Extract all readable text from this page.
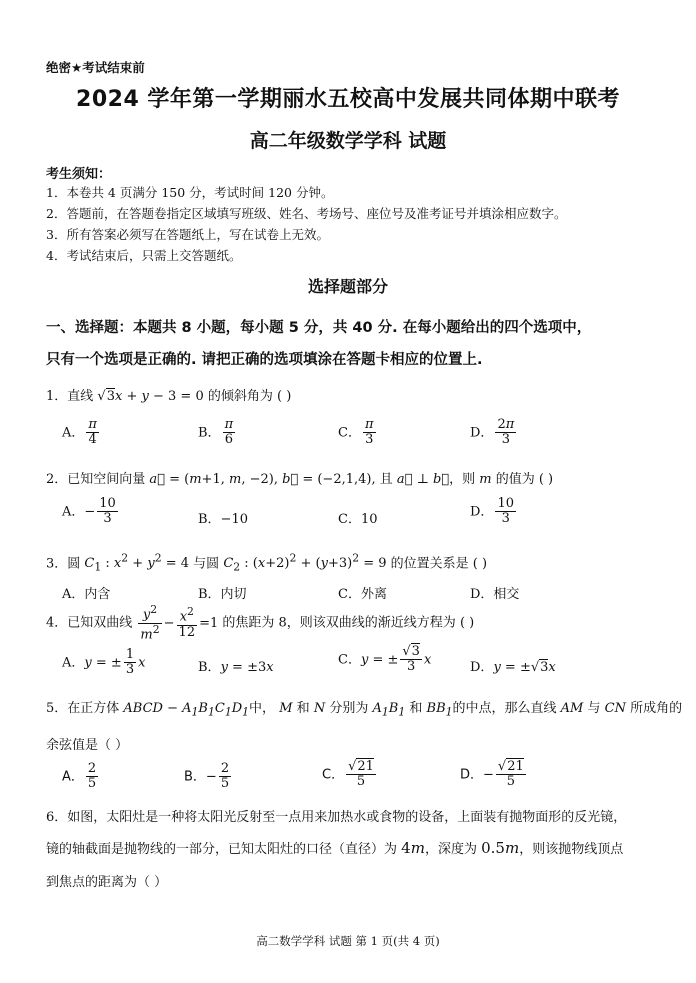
绝密★考试结束前
2024 学年第一学期丽水五校高中发展共同体期中联考
高二年级数学学科 试题
考生须知：
1．本卷共 4 页满分 150 分，考试时间 120 分钟。
2．答题前，在答题卷指定区域填写班级、姓名、考场号、座位号及准考证号并填涂相应数字。
3．所有答案必须写在答题纸上，写在试卷上无效。
4．考试结束后，只需上交答题纸。
选择题部分
一、选择题：本题共 8 小题，每小题 5 分，共 40 分. 在每小题给出的四个选项中，
只有一个选项是正确的. 请把正确的选项填涂在答题卡相应的位置上.
1．直线 √3x + y − 3 = 0 的倾斜角为 ( )
A． $\frac{\pi}{4}$	B． $\frac{\pi}{6}$	C． $\frac{\pi}{3}$	D． $\frac{2\pi}{3}$
2．已知空间向量 a⃗ = (m+1, m, −2), b⃗ = (−2,1,4), 且 a⃗ ⊥ b⃗，则 m 的值为 ( )
A．− $\frac{10}{3}$	B．−10	C．10
D． $\frac{10}{3}$
3．圆 $C_1$ : $x^2 + y^2 = 4$ 与圆 $C_2$ : $(x+2)^2 + (y+3)^2 = 9$ 的位置关系是 ( )
A．内含	B．内切	C．外离	D．相交
4．已知双曲线 $\frac{y^2}{m^2} - \frac{x^2}{12} =1$ 的焦距为 8，则该双曲线的渐近线方程为 ( )
A．y = ± $\frac{1}{3}$ x	B．y = ±3x
C．y = ± $\frac{√3}{3}$ x
D．y = ±√3x
5．在正方体 ABCD − $A_1B_1C_1D_1$中， M 和 N 分别为 $A_1B_1$ 和 $BB_1$的中点，那么直线 AM 与 CN 所成角的
余弦值是（ ）
A． $\frac{2}{5}$	B．− $\frac{2}{5}$	C． $\frac{√21}{5}$	D．− $\frac{√21}{5}$
6．如图，太阳灶是一种将太阳光反射至一点用来加热水或食物的设备，上面装有抛物面形的反光镜，
镜的轴截面是抛物线的一部分，已知太阳灶的口径（直径）为 4m，深度为 0.5m，则该抛物线顶点
到焦点的距离为（ ）
高二数学学科 试题 第 1 页(共 4 页)
